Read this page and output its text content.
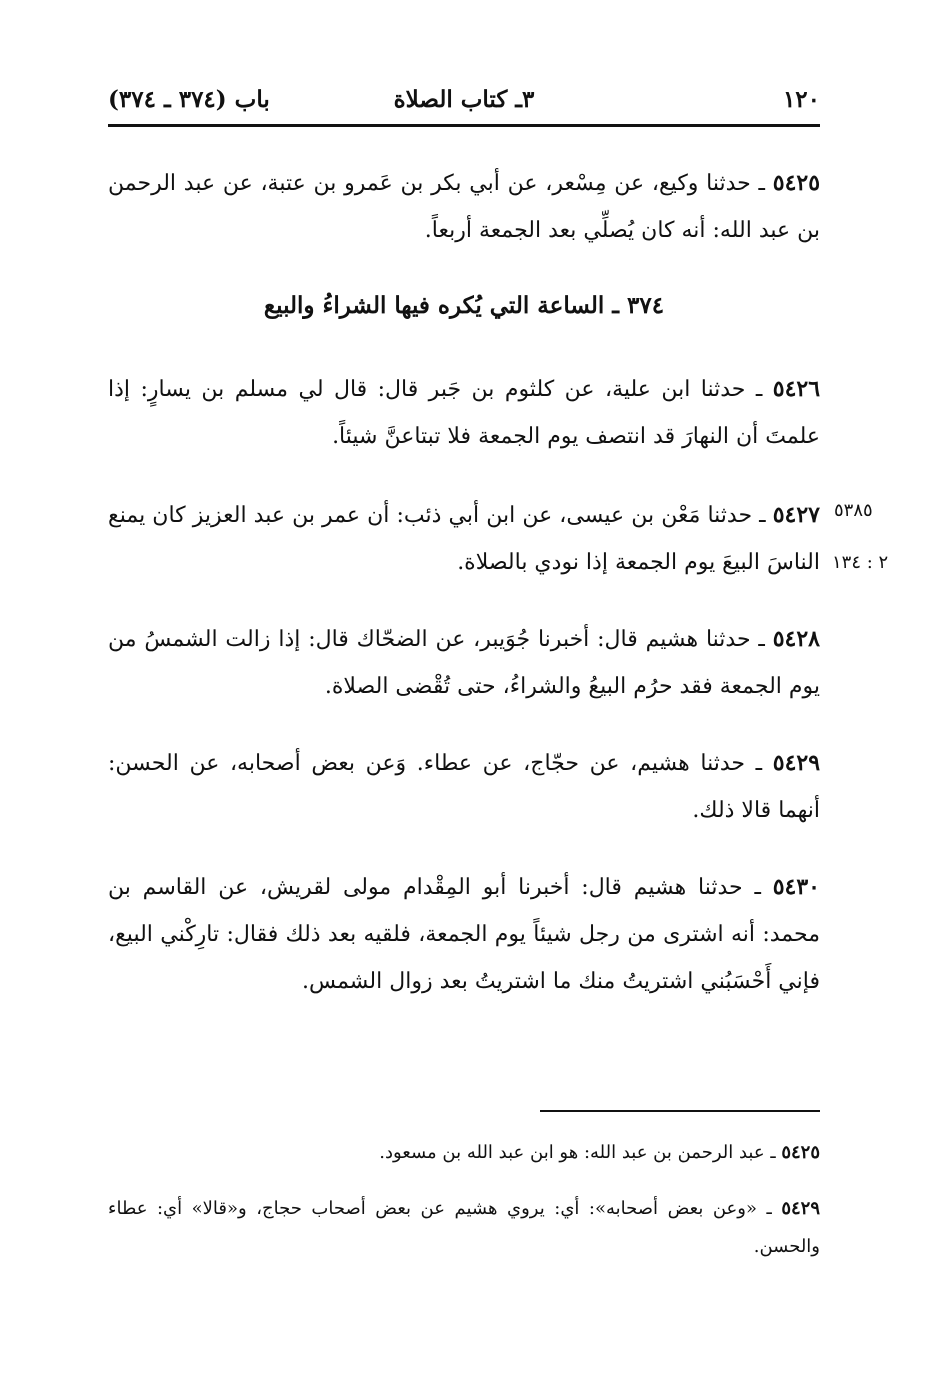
١٢٠
٣ـ كتاب الصلاة
باب (٣٧٤ ـ ٣٧٤)
٥٤٢٥ ـ حدثنا وكيع، عن مِسْعر، عن أبي بكر بن عَمرو بن عتبة، عن عبد الرحمن بن عبد الله: أنه كان يُصلِّي بعد الجمعة أربعاً.
٣٧٤ ـ الساعة التي يُكره فيها الشراءُ والبيع
٥٤٢٦ ـ حدثنا ابن علية، عن كلثوم بن جَبر قال: قال لي مسلم بن يسارٍ: إذا علمتَ أن النهارَ قد انتصف يوم الجمعة فلا تبتاعنَّ شيئاً.
٥٤٢٧ ـ حدثنا مَعْن بن عيسى، عن ابن أبي ذئب: أن عمر بن عبد العزيز كان يمنع الناسَ البيعَ يوم الجمعة إذا نودي بالصلاة.
٥٣٨٥
٢ : ١٣٤
٥٤٢٨ ـ حدثنا هشيم قال: أخبرنا جُوَيبر، عن الضحّاك قال: إذا زالت الشمسُ من يوم الجمعة فقد حرُم البيعُ والشراءُ، حتى تُقْضى الصلاة.
٥٤٢٩ ـ حدثنا هشيم، عن حجّاج، عن عطاء. وَعن بعض أصحابه، عن الحسن: أنهما قالا ذلك.
٥٤٣٠ ـ حدثنا هشيم قال: أخبرنا أبو المِقْدام مولى لقريش، عن القاسم بن محمد: أنه اشترى من رجل شيئاً يوم الجمعة، فلقيه بعد ذلك فقال: تارِكْني البيع، فإني أَحْسَبُني اشتريتُ منك ما اشتريتُ بعد زوال الشمس.
٥٤٢٥ ـ عبد الرحمن بن عبد الله: هو ابن عبد الله بن مسعود.
٥٤٢٩ ـ «وعن بعض أصحابه»: أي: يروي هشيم عن بعض أصحاب حجاج، و«قالا» أي: عطاء والحسن.
